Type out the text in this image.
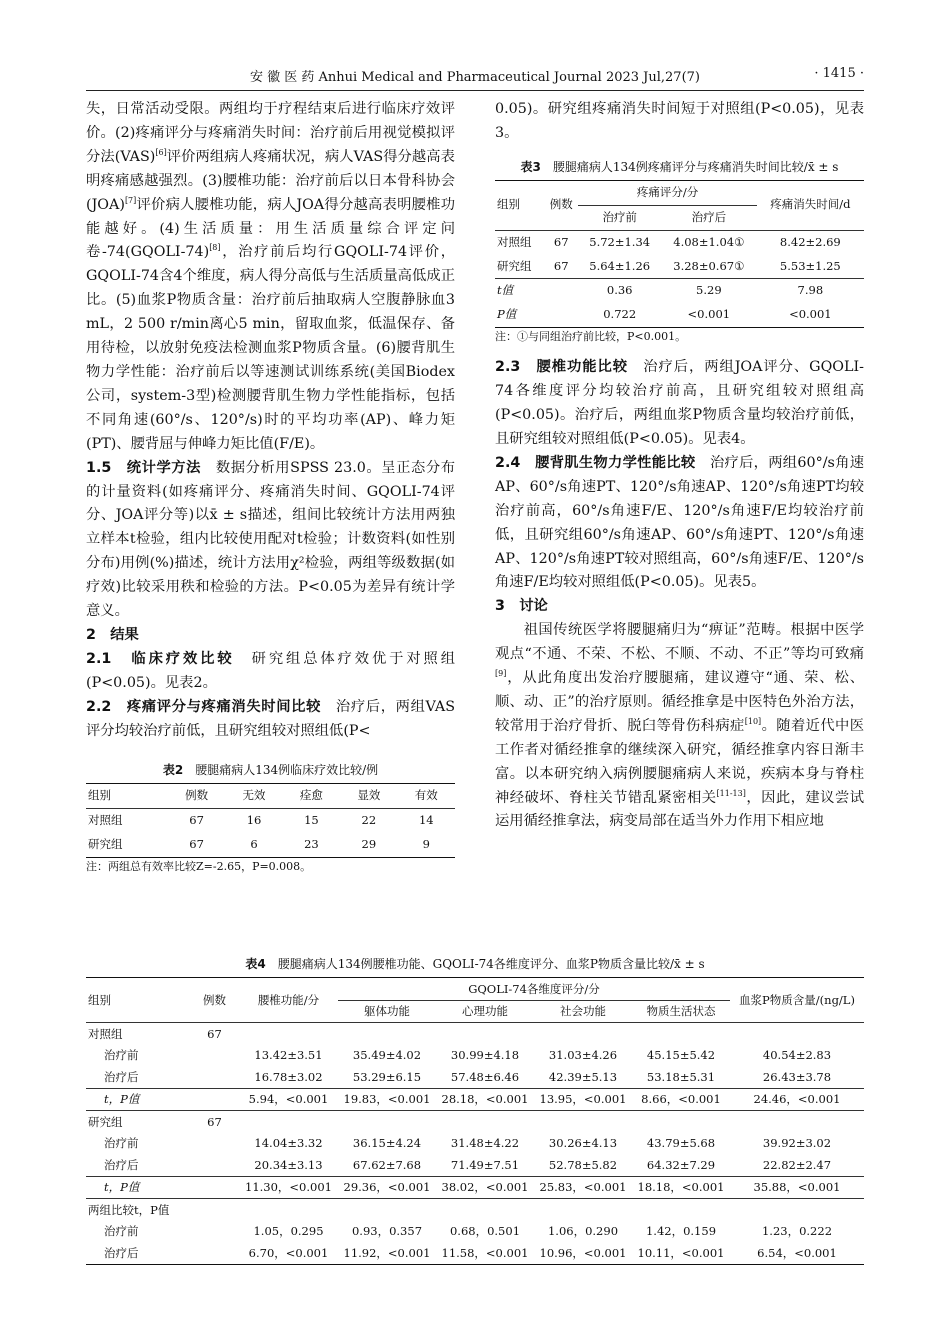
安 徽 医 药 Anhui Medical and Pharmaceutical Journal 2023 Jul,27(7)	· 1415 ·

失，日常活动受限。两组均于疗程结束后进行临床疗效评价。(2)疼痛评分与疼痛消失时间：治疗前后用视觉模拟评分法(VAS)[6]评价两组病人疼痛状况，病人VAS得分越高表明疼痛感越强烈。(3)腰椎功能：治疗前后以日本骨科协会(JOA)[7]评价病人腰椎功能，病人JOA得分越高表明腰椎功能越好。(4)生活质量：用生活质量综合评定问卷-74(GQOLI-74)[8]，治疗前后均行GQOLI-74评价，GQOLI-74含4个维度，病人得分高低与生活质量高低成正比。(5)血浆P物质含量：治疗前后抽取病人空腹静脉血3 mL，2 500 r/min离心5 min，留取血浆，低温保存、备用待检，以放射免疫法检测血浆P物质含量。(6)腰背肌生物力学性能：治疗前后以等速测试训练系统(美国Biodex公司，system-3型)检测腰背肌生物力学性能指标，包括不同角速(60°/s、120°/s)时的平均功率(AP)、峰力矩(PT)、腰背屈与伸峰力矩比值(F/E)。

1.5　统计学方法　数据分析用SPSS 23.0。呈正态分布的计量资料(如疼痛评分、疼痛消失时间、GQOLI-74评分、JOA评分等)以x̄ ± s描述，组间比较统计方法用两独立样本t检验，组内比较使用配对t检验；计数资料(如性别分布)用例(%)描述，统计方法用χ²检验，两组等级数据(如疗效)比较采用秩和检验的方法。P<0.05为差异有统计学意义。

2　结果

2.1　临床疗效比较　研究组总体疗效优于对照组(P<0.05)。见表2。

2.2　疼痛评分与疼痛消失时间比较　治疗后，两组VAS评分均较治疗前低，且研究组较对照组低(P<

表2　 腰腿痛病人134例临床疗效比较/例

组别	例数	无效	痊愈	显效	有效
对照组	67	16	15	22	14
研究组	67	6	23	29	9

注：两组总有效率比较Z=-2.65，P=0.008。

0.05)。研究组疼痛消失时间短于对照组(P<0.05)，见表3。

表3　 腰腿痛病人134例疼痛评分与疼痛消失时间比较/x̄ ± s

组别	例数	疼痛评分/分		疼痛消失时间/d
		治疗前	治疗后	
对照组	67	5.72±1.34	4.08±1.04①	8.42±2.69
研究组	67	5.64±1.26	3.28±0.67①	5.53±1.25
t值		0.36	5.29	7.98
P值		0.722	<0.001	<0.001

注：①与同组治疗前比较，P<0.001。

2.3　腰椎功能比较　治疗后，两组JOA评分、GQOLI-74各维度评分均较治疗前高，且研究组较对照组高(P<0.05)。治疗后，两组血浆P物质含量均较治疗前低，且研究组较对照组低(P<0.05)。见表4。

2.4　腰背肌生物力学性能比较　治疗后，两组60°/s角速AP、60°/s角速PT、120°/s角速AP、120°/s角速PT均较治疗前高，60°/s角速F/E、120°/s角速F/E均较治疗前低，且研究组60°/s角速AP、60°/s角速PT、120°/s角速AP、120°/s角速PT较对照组高，60°/s角速F/E、120°/s角速F/E均较对照组低(P<0.05)。见表5。

3　讨论

祖国传统医学将腰腿痛归为“痹证”范畴。根据中医学观点“不通、不荣、不松、不顺、不动、不正”等均可致痛[9]，从此角度出发治疗腰腿痛，建议遵守“通、荣、松、顺、动、正”的治疗原则。循经推拿是中医特色外治方法，较常用于治疗骨折、脱臼等骨伤科病症[10]。随着近代中医工作者对循经推拿的继续深入研究，循经推拿内容日渐丰富。以本研究纳入病例腰腿痛病人来说，疾病本身与脊柱神经破坏、脊柱关节错乱紧密相关[11-13]，因此，建议尝试运用循经推拿法，病变局部在适当外力作用下相应地

表4　 腰腿痛病人134例腰椎功能、GQOLI-74各维度评分、血浆P物质含量比较/x̄ ± s

组别	例数	腰椎功能/分	GQOLI-74各维度评分/分				血浆P物质含量/(ng/L)
			躯体功能	心理功能	社会功能	物质生活状态	
对照组	67						
治疗前		13.42±3.51	35.49±4.02	30.99±4.18	31.03±4.26	45.15±5.42	40.54±2.83
治疗后		16.78±3.02	53.29±6.15	57.48±6.46	42.39±5.13	53.18±5.31	26.43±3.78
t，P值		5.94，<0.001	19.83，<0.001	28.18，<0.001	13.95，<0.001	8.66，<0.001	24.46，<0.001
研究组	67						
治疗前		14.04±3.32	36.15±4.24	31.48±4.22	30.26±4.13	43.79±5.68	39.92±3.02
治疗后		20.34±3.13	67.62±7.68	71.49±7.51	52.78±5.82	64.32±7.29	22.82±2.47
t，P值		11.30，<0.001	29.36，<0.001	38.02，<0.001	25.83，<0.001	18.18，<0.001	35.88，<0.001
两组比较t，P值							
治疗前		1.05，0.295	0.93，0.357	0.68，0.501	1.06，0.290	1.42，0.159	1.23，0.222
治疗后		6.70，<0.001	11.92，<0.001	11.58，<0.001	10.96，<0.001	10.11，<0.001	6.54，<0.001
